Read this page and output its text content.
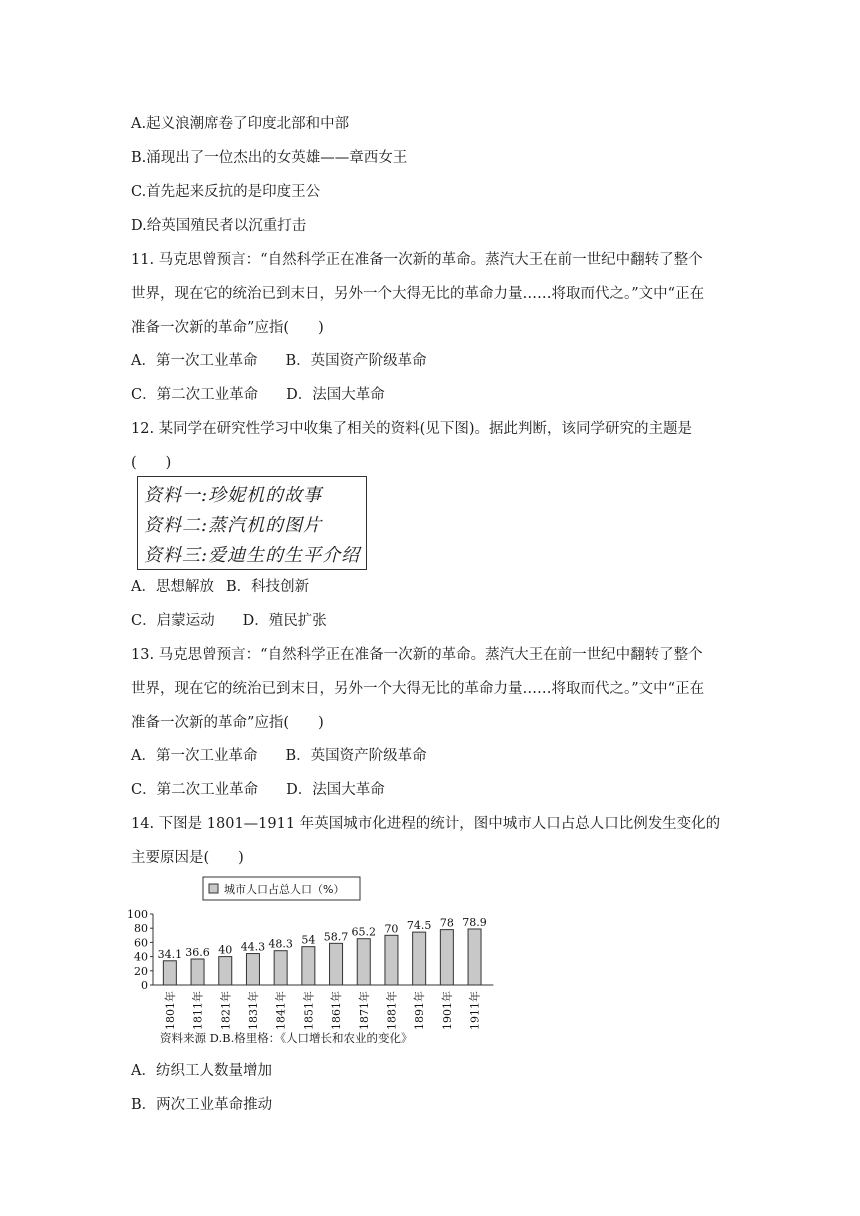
A.起义浪潮席卷了印度北部和中部
B.涌现出了一位杰出的女英雄——章西女王
C.首先起来反抗的是印度王公
D.给英国殖民者以沉重打击
11. 马克思曾预言：“自然科学正在准备一次新的革命。蒸汽大王在前一世纪中翻转了整个
世界，现在它的统治已到末日，另外一个大得无比的革命力量……将取而代之。”文中“正在
准备一次新的革命”应指(　　)
A．第一次工业革命 B．英国资产阶级革命
C．第二次工业革命 D．法国大革命
12. 某同学在研究性学习中收集了相关的资料(见下图)。据此判断，该同学研究的主题是
(　　)
资料一:珍妮机的故事
资料二:蒸汽机的图片
资料三:爱迪生的生平介绍
A．思想解放 B．科技创新
C．启蒙运动 D．殖民扩张
13. 马克思曾预言：“自然科学正在准备一次新的革命。蒸汽大王在前一世纪中翻转了整个
世界，现在它的统治已到末日，另外一个大得无比的革命力量……将取而代之。”文中“正在
准备一次新的革命”应指(　　)
A．第一次工业革命 B．英国资产阶级革命
C．第二次工业革命 D．法国大革命
14. 下图是 1801—1911 年英国城市化进程的统计，图中城市人口占总人口比例发生变化的
主要原因是(　　)
城市人口占总人口（%）
0
20
40
60
80
100
34.1
1801年
36.6
1811年
40
1821年
44.3
1831年
48.3
1841年
54
1851年
58.7
1861年
65.2
1871年
70
1881年
74.5
1891年
78
1901年
78.9
1911年
资料来源 D.B.格里格：《人口增长和农业的变化》
A．纺织工人数量增加
B．两次工业革命推动
